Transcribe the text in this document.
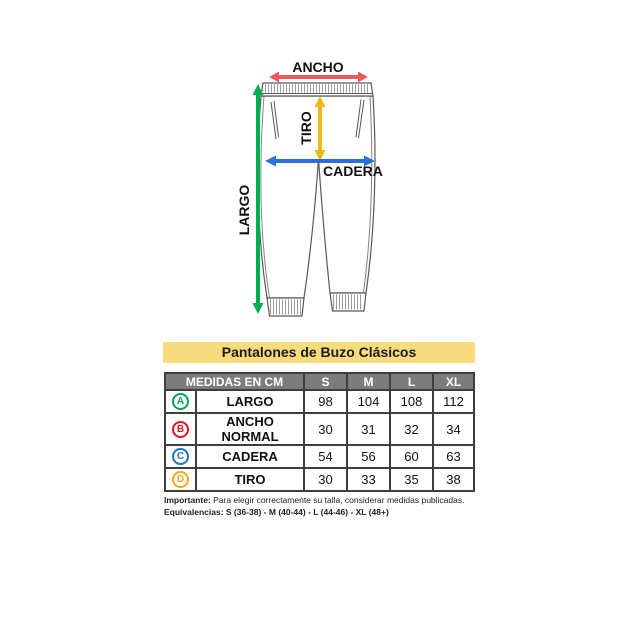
ANCHO
LARGO
TIRO
CADERA
Pantalones de Buzo Clásicos
MEDIDAS EN CM		S	M	L	XL
A	LARGO	98	104	108	112
B	ANCHO NORMAL	30	31	32	34
C	CADERA	54	56	60	63
D	TIRO	30	33	35	38
Importante: Para elegir correctamente su talla, considerar medidas publicadas.
Equivalencias: S (36-38) - M (40-44) - L (44-46) - XL (48+)
